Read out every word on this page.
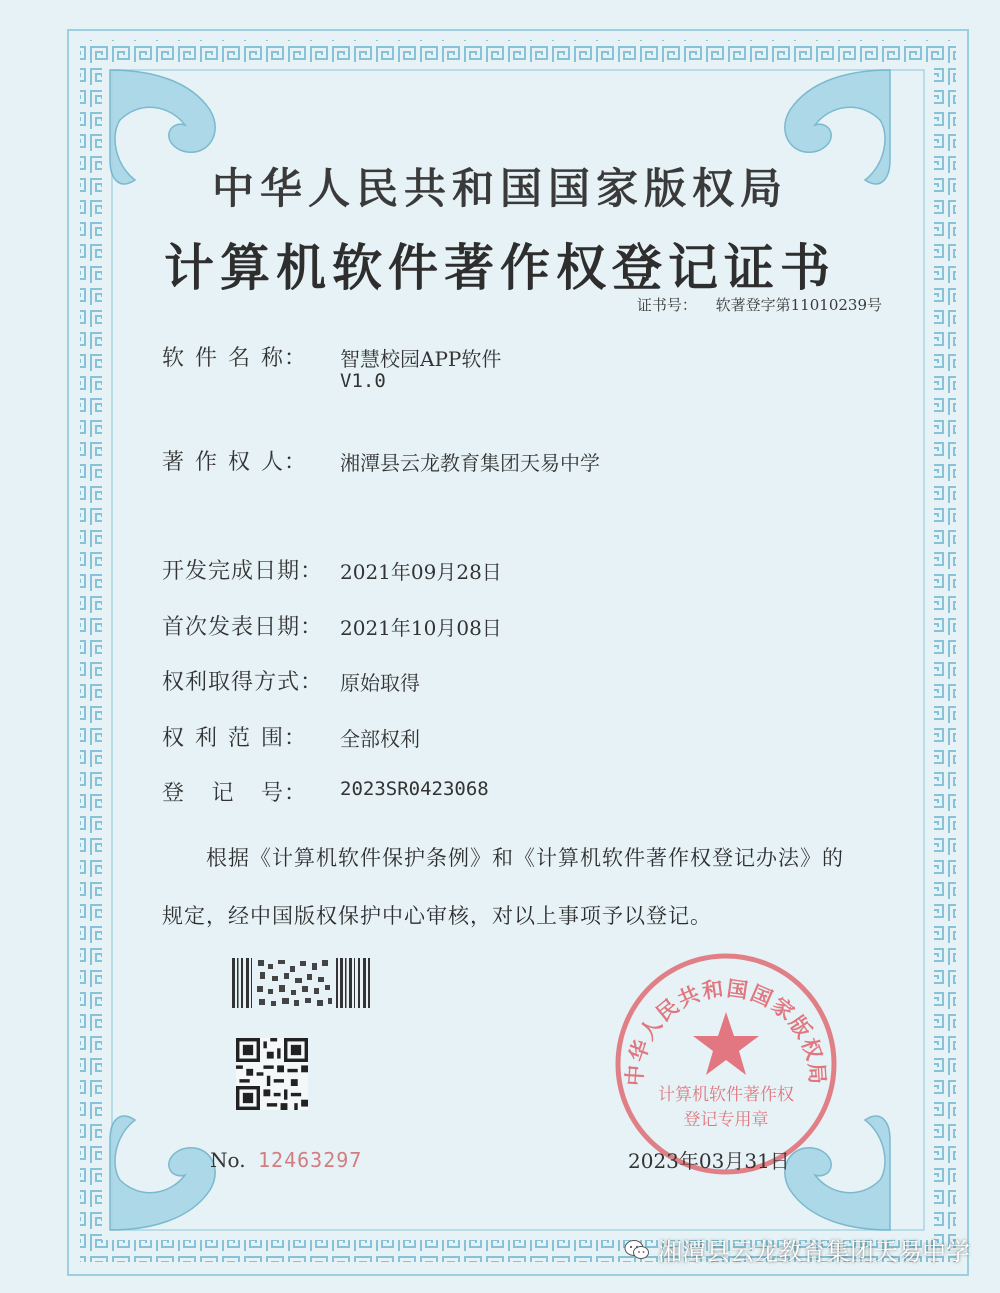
中华人民共和国国家版权局
计算机软件著作权登记证书
证书号： 软著登字第11010239号
软 件 名 称： 智慧校园APP软件
V1.0
著 作 权 人： 湘潭县云龙教育集团天易中学
开 发 完 成 日 期： 2021年09月28日
首 次 发 表 日 期： 2021年10月08日
权 利 取 得 方 式： 原始取得
权 利 范 围： 全部权利
登 记 号： 2023SR0423068
根据《计算机软件保护条例》和《计算机软件著作权登记办法》的
规定，经中国版权保护中心审核，对以上事项予以登记。
No. 12463297
中华人民共和国国家版权局
计算机软件著作权
登记专用章
2023年03月31日
湘潭县云龙教育集团天易中学
